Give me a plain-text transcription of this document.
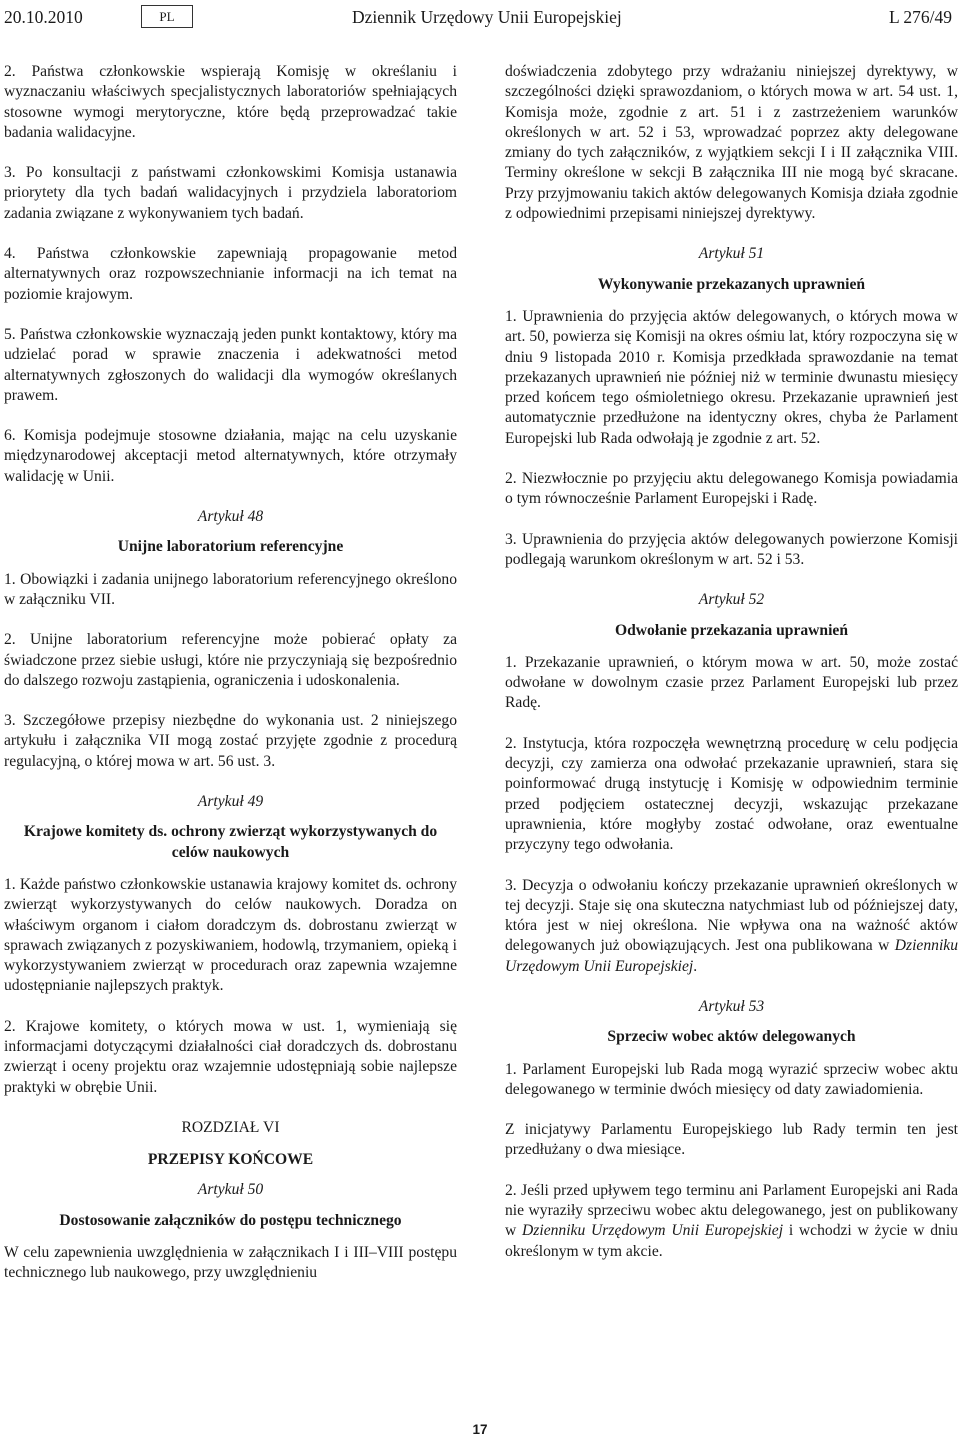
20.10.2010	PL	Dziennik Urzędowy Unii Europejskiej	L 276/49

2. Państwa członkowskie wspierają Komisję w określaniu i wyznaczaniu właściwych specjalistycznych laboratoriów spełniających stosowne wymogi merytoryczne, które będą przeprowadzać takie badania walidacyjne.

3. Po konsultacji z państwami członkowskimi Komisja ustanawia priorytety dla tych badań walidacyjnych i przydziela laboratoriom zadania związane z wykonywaniem tych badań.

4. Państwa członkowskie zapewniają propagowanie metod alternatywnych oraz rozpowszechnianie informacji na ich temat na poziomie krajowym.

5. Państwa członkowskie wyznaczają jeden punkt kontaktowy, który ma udzielać porad w sprawie znaczenia i adekwatności metod alternatywnych zgłoszonych do walidacji dla wymogów określanych prawem.

6. Komisja podejmuje stosowne działania, mając na celu uzyskanie międzynarodowej akceptacji metod alternatywnych, które otrzymały walidację w Unii.

Artykuł 48
Unijne laboratorium referencyjne

1. Obowiązki i zadania unijnego laboratorium referencyjnego określono w załączniku VII.

2. Unijne laboratorium referencyjne może pobierać opłaty za świadczone przez siebie usługi, które nie przyczyniają się bezpośrednio do dalszego rozwoju zastąpienia, ograniczenia i udoskonalenia.

3. Szczegółowe przepisy niezbędne do wykonania ust. 2 niniejszego artykułu i załącznika VII mogą zostać przyjęte zgodnie z procedurą regulacyjną, o której mowa w art. 56 ust. 3.

Artykuł 49
Krajowe komitety ds. ochrony zwierząt wykorzystywanych do celów naukowych

1. Każde państwo członkowskie ustanawia krajowy komitet ds. ochrony zwierząt wykorzystywanych do celów naukowych. Doradza on właściwym organom i ciałom doradczym ds. dobrostanu zwierząt w sprawach związanych z pozyskiwaniem, hodowlą, trzymaniem, opieką i wykorzystywaniem zwierząt w procedurach oraz zapewnia wzajemne udostępnianie najlepszych praktyk.

2. Krajowe komitety, o których mowa w ust. 1, wymieniają się informacjami dotyczącymi działalności ciał doradczych ds. dobrostanu zwierząt i oceny projektu oraz wzajemnie udostępniają sobie najlepsze praktyki w obrębie Unii.

ROZDZIAŁ VI
PRZEPISY KOŃCOWE
Artykuł 50
Dostosowanie załączników do postępu technicznego

W celu zapewnienia uwzględnienia w załącznikach I i III–VIII postępu technicznego lub naukowego, przy uwzględnieniu

doświadczenia zdobytego przy wdrażaniu niniejszej dyrektywy, w szczególności dzięki sprawozdaniom, o których mowa w art. 54 ust. 1, Komisja może, zgodnie z art. 51 i z zastrzeżeniem warunków określonych w art. 52 i 53, wprowadzać poprzez akty delegowane zmiany do tych załączników, z wyjątkiem sekcji I i II załącznika VIII. Terminy określone w sekcji B załącznika III nie mogą być skracane. Przy przyjmowaniu takich aktów delegowanych Komisja działa zgodnie z odpowiednimi przepisami niniejszej dyrektywy.

Artykuł 51
Wykonywanie przekazanych uprawnień

1. Uprawnienia do przyjęcia aktów delegowanych, o których mowa w art. 50, powierza się Komisji na okres ośmiu lat, który rozpoczyna się w dniu 9 listopada 2010 r. Komisja przedkłada sprawozdanie na temat przekazanych uprawnień nie później niż w terminie dwunastu miesięcy przed końcem tego ośmioletniego okresu. Przekazanie uprawnień jest automatycznie przedłużone na identyczny okres, chyba że Parlament Europejski lub Rada odwołają je zgodnie z art. 52.

2. Niezwłocznie po przyjęciu aktu delegowanego Komisja powiadamia o tym równocześnie Parlament Europejski i Radę.

3. Uprawnienia do przyjęcia aktów delegowanych powierzone Komisji podlegają warunkom określonym w art. 52 i 53.

Artykuł 52
Odwołanie przekazania uprawnień

1. Przekazanie uprawnień, o którym mowa w art. 50, może zostać odwołane w dowolnym czasie przez Parlament Europejski lub przez Radę.

2. Instytucja, która rozpoczęła wewnętrzną procedurę w celu podjęcia decyzji, czy zamierza ona odwołać przekazanie uprawnień, stara się poinformować drugą instytucję i Komisję w odpowiednim terminie przed podjęciem ostatecznej decyzji, wskazując przekazane uprawnienia, które mogłyby zostać odwołane, oraz ewentualne przyczyny tego odwołania.

3. Decyzja o odwołaniu kończy przekazanie uprawnień określonych w tej decyzji. Staje się ona skuteczna natychmiast lub od późniejszej daty, która jest w niej określona. Nie wpływa ona na ważność aktów delegowanych już obowiązujących. Jest ona publikowana w Dzienniku Urzędowym Unii Europejskiej.

Artykuł 53
Sprzeciw wobec aktów delegowanych

1. Parlament Europejski lub Rada mogą wyrazić sprzeciw wobec aktu delegowanego w terminie dwóch miesięcy od daty zawiadomienia.

Z inicjatywy Parlamentu Europejskiego lub Rady termin ten jest przedłużany o dwa miesiące.

2. Jeśli przed upływem tego terminu ani Parlament Europejski ani Rada nie wyraziły sprzeciwu wobec aktu delegowanego, jest on publikowany w Dzienniku Urzędowym Unii Europejskiej i wchodzi w życie w dniu określonym w tym akcie.

17
